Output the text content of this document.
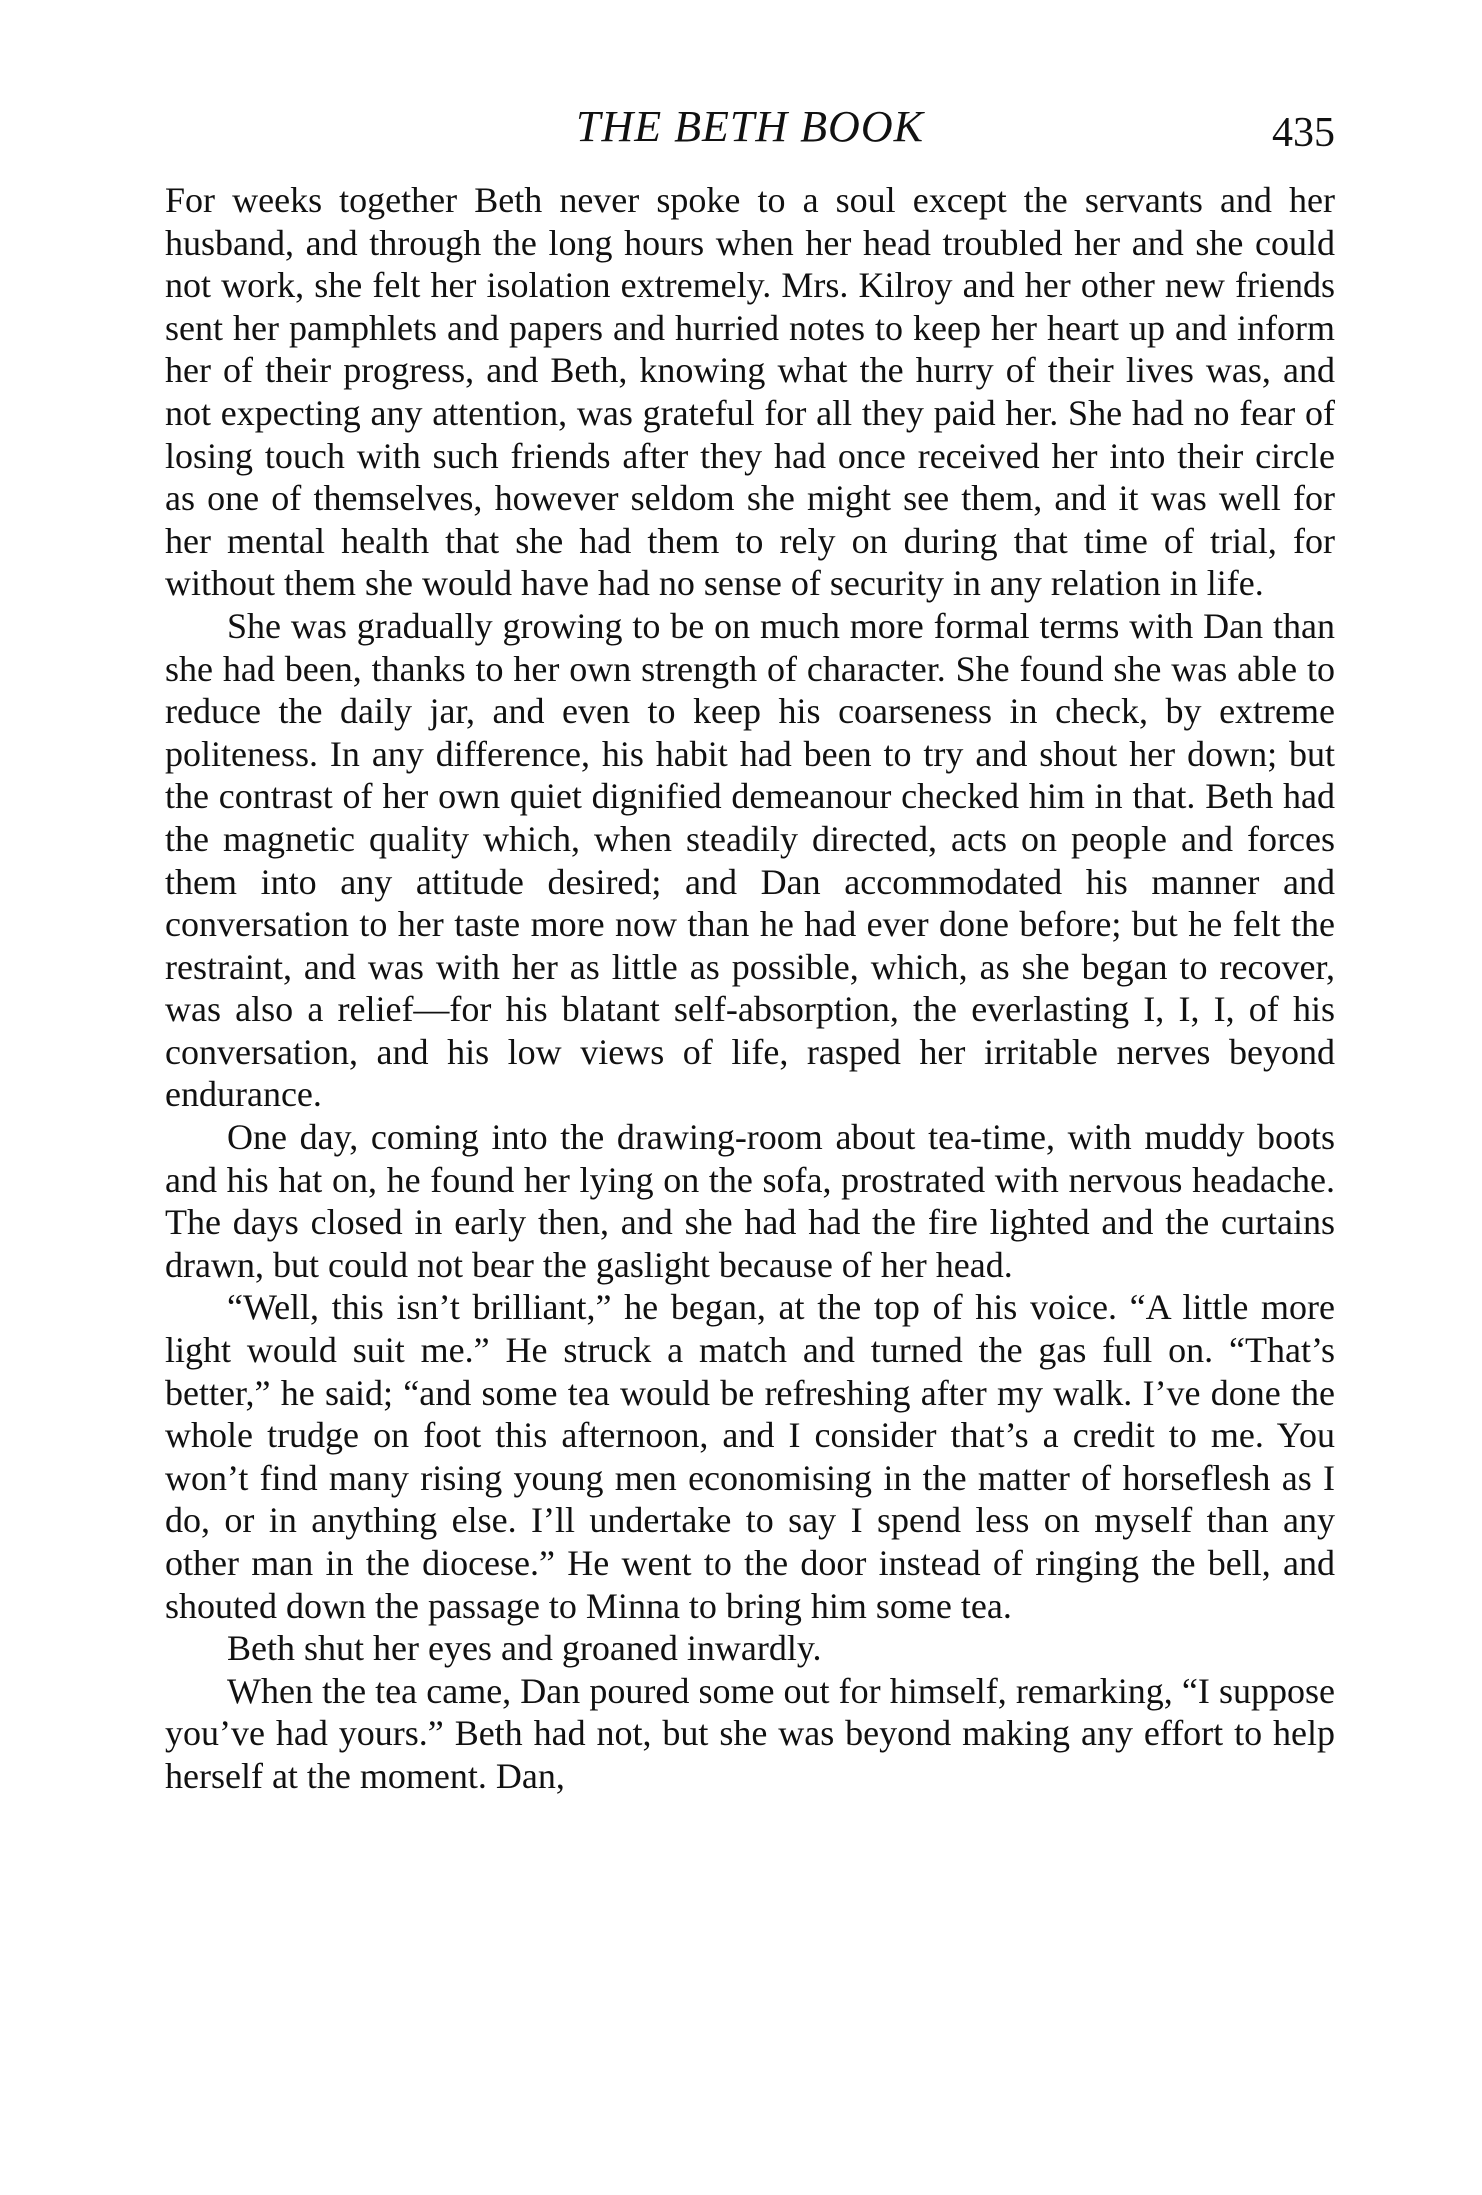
THE BETH BOOK	435

For weeks together Beth never spoke to a soul except the servants and her husband, and through the long hours when her head troubled her and she could not work, she felt her isolation extremely. Mrs. Kilroy and her other new friends sent her pamphlets and papers and hurried notes to keep her heart up and inform her of their progress, and Beth, knowing what the hurry of their lives was, and not expecting any attention, was grateful for all they paid her. She had no fear of losing touch with such friends after they had once received her into their circle as one of themselves, however seldom she might see them, and it was well for her mental health that she had them to rely on during that time of trial, for without them she would have had no sense of security in any relation in life.

She was gradually growing to be on much more formal terms with Dan than she had been, thanks to her own strength of character. She found she was able to reduce the daily jar, and even to keep his coarseness in check, by extreme politeness. In any difference, his habit had been to try and shout her down; but the contrast of her own quiet dignified demeanour checked him in that. Beth had the magnetic quality which, when steadily directed, acts on people and forces them into any attitude desired; and Dan accommodated his manner and conversation to her taste more now than he had ever done before; but he felt the restraint, and was with her as little as possible, which, as she began to recover, was also a relief—for his blatant self-absorption, the everlasting I, I, I, of his conversation, and his low views of life, rasped her irritable nerves beyond endurance.

One day, coming into the drawing-room about tea-time, with muddy boots and his hat on, he found her lying on the sofa, prostrated with nervous headache. The days closed in early then, and she had had the fire lighted and the curtains drawn, but could not bear the gaslight because of her head.

“Well, this isn’t brilliant,” he began, at the top of his voice. “A little more light would suit me.” He struck a match and turned the gas full on. “That’s better,” he said; “and some tea would be refreshing after my walk. I’ve done the whole trudge on foot this afternoon, and I consider that’s a credit to me. You won’t find many rising young men economising in the matter of horseflesh as I do, or in anything else. I’ll undertake to say I spend less on myself than any other man in the diocese.” He went to the door instead of ringing the bell, and shouted down the passage to Minna to bring him some tea.

Beth shut her eyes and groaned inwardly.

When the tea came, Dan poured some out for himself, remarking, “I suppose you’ve had yours.” Beth had not, but she was beyond making any effort to help herself at the moment. Dan,
